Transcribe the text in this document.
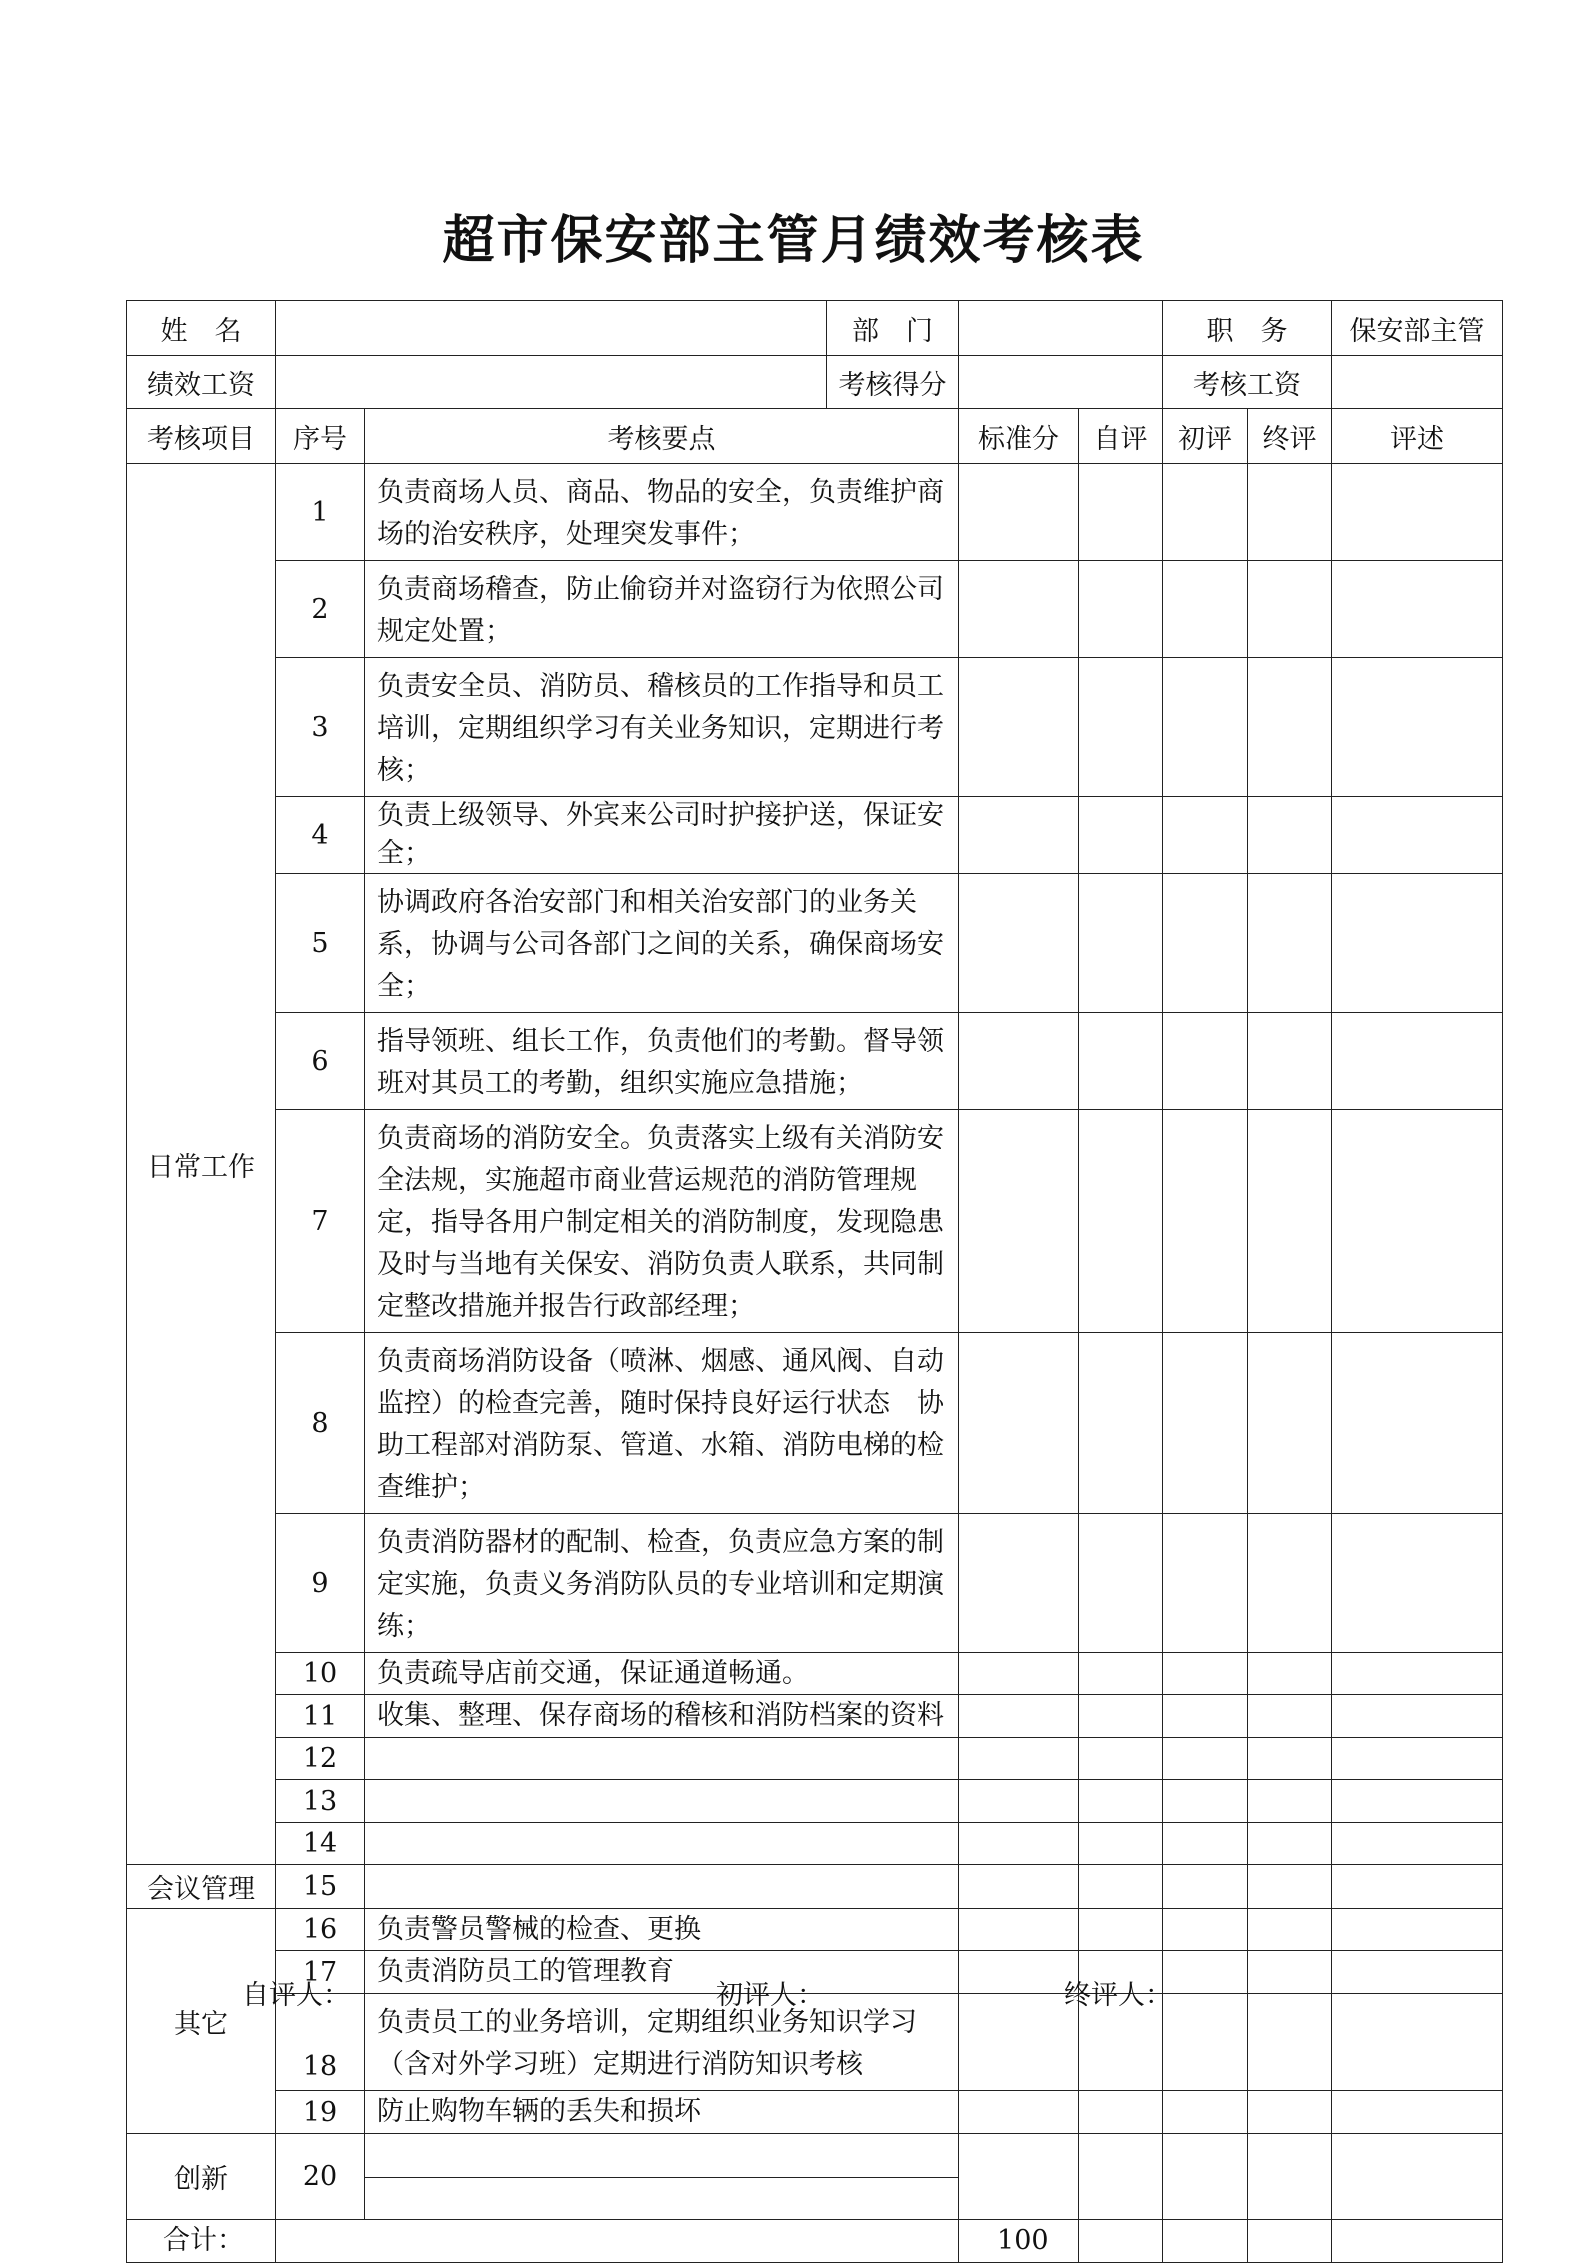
超市保安部主管月绩效考核表
姓　名			部　门			职　务		保安部主管
绩效工资			考核得分			考核工资		
考核项目	序号	考核要点		标准分	自评	初评	终评	评述
日常工作	1	负责商场人员、商品、物品的安全，负责维护商场的治安秩序，处理突发事件；						
	2	负责商场稽查，防止偷窃并对盗窃行为依照公司规定处置；						
	3	负责安全员、消防员、稽核员的工作指导和员工培训，定期组织学习有关业务知识，定期进行考核；						
	4	负责上级领导、外宾来公司时护接护送，保证安全；						
	5	协调政府各治安部门和相关治安部门的业务关系，协调与公司各部门之间的关系，确保商场安全；						
	6	指导领班、组长工作，负责他们的考勤。督导领班对其员工的考勤，组织实施应急措施；						
	7	负责商场的消防安全。负责落实上级有关消防安全法规，实施超市商业营运规范的消防管理规定，指导各用户制定相关的消防制度，发现隐患及时与当地有关保安、消防负责人联系，共同制定整改措施并报告行政部经理；						
	8	负责商场消防设备（喷淋、烟感、通风阀、自动监控）的检查完善，随时保持良好运行状态　协助工程部对消防泵、管道、水箱、消防电梯的检查维护；						
	9	负责消防器材的配制、检查，负责应急方案的制定实施，负责义务消防队员的专业培训和定期演练；						
	10	负责疏导店前交通，保证通道畅通。						
	11	收集、整理、保存商场的稽核和消防档案的资料						
	12							
	13							
	14							
会议管理	15							
其它	16	负责警员警械的检查、更换						
	17	负责消防员工的管理教育						
	18	负责员工的业务培训，定期组织业务知识学习（含对外学习班）定期进行消防知识考核						
	19	防止购物车辆的丢失和损坏						
创新	20		

合计：				100				
自评人：	初评人：	终评人：
